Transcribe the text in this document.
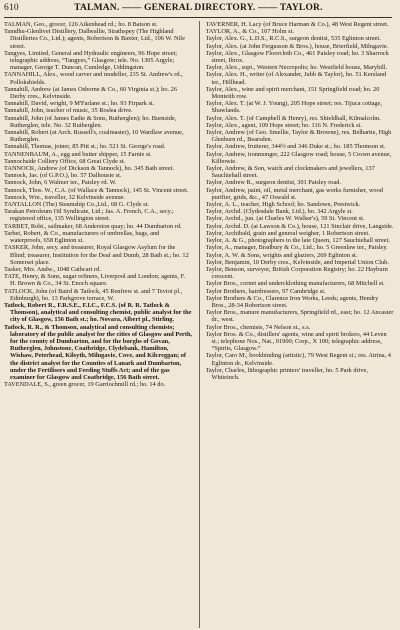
610	TALMAN. —— GENERAL DIRECTORY. —— TAYLOR.

TALMAN, Geo., grocer, 126 Aikenhead rd.; ho. 8 Batson st.

Tamdhu-Glenlivet Distillery, Dalbeallie, Strathspey (The Highland Distilleries Co., Ltd.); agents, Robertson & Baxter, Ltd., 106 W. Nile street.

Tangyes, Limited, General and Hydraulic engineers, 96 Hope street; telegraphic address, “Tangyes,” Glasgow; tele. No. 1305 Argyle; manager, George T. Duncan, Cumledge, Uddingston.

TANNAHILL, Alex., wood carver and modeller, 235 St. Andrew's rd., Pollokshields.

Tannahill, Andrew (at James Osborne & Co., 60 Virginia st.); ho. 26 Derby cres., Kelvinside.

Tannahill, David, wright, 9 M'Farlane st.; ho. 93 Firpark st.

Tannahill, John, teacher of music, 35 Roslea drive.

Tannahill, John (of James Eadie & Sons, Rutherglen); ho. Burnside, Rutherglen, tele. No. 32 Rutherglen.

Tannahill, Robert (at Arch. Russell's, coalmaster), 10 Wardlaw avenue, Rutherglen.

Tannahill, Thomas, joiner, 85 Pitt st.; ho. 521 St. George's road.

TANNENBAUM, A., egg and butter shipper, 15 Farnie st.

Tannochside Colliery Office, 68 Great Clyde st.

TANNOCK, Andrew (of Dickson & Tannock), ho. 345 Bath street.

Tannock, Jas. (of G.P.O.), ho. 57 Dalhousie st.

Tannock, John, 6 Walmer ter., Paisley rd. W.

Tannock, Thos. W., C.A. (of Wallace & Tannock), 145 St. Vincent street.

Tannock, Wm., traveller, 32 Kelvinside avenue.

TANTALLON (The) Steamship Co.,Ltd., 68 G. Clyde st.

Tarakan Petroleum Oil Syndicate, Ltd.; Jas. A. French, C.A., secy.; registered office, 135 Wellington street.

TARBET, Robt., sailmaker, 68 Anderston quay; ho. 44 Dumbarton rd.

Tarbet, Robert, & Co., manufacturers of umbrellas, bags, and waterproofs, 658 Eglinton st.

TASKER, John, secy. and treasurer, Royal Glasgow Asylum for the Blind; treasurer, Institution for the Deaf and Dumb, 28 Bath st.; ho. 12 Somerset place.

Tasker, Mrs. Andw., 1048 Cathcart rd.

TATE, Henry, & Sons, sugar refiners, Liverpool and London; agents, F. H. Brown & Co., 34 St. Enoch square.

TATLOCK, John (of Baird & Tatlock, 45 Renfrew st. and 7 Teviot pl., Edinburgh), ho. 13 Parkgrove terrace, W.

Tatlock, Robert R., F.R.S.E., F.I.C., F.C.S. (of R. R. Tatlock & Thomson), analytical and consulting chemist, public analyst for the city of Glasgow, 156 Bath st.; ho. Novara, Albert pl., Stirling.

Tatlock, R. R., & Thomson, analytical and consulting chemists; laboratory of the public analyst for the cities of Glasgow and Perth, for the county of Dumbarton, and for the burghs of Govan, Rutherglen, Johnstone, Coatbridge, Clydebank, Hamilton, Wishaw, Peterhead, Kilsyth, Milngavie, Cove, and Kilcreggan; of the district analyst for the Counties of Lanark and Dumbarton, under the Fertilisers and Feeding Stuffs Act; and of the gas examiner for Glasgow and Coatbridge, 156 Bath street.

TAVENDALE, S., green grocer, 19 Garriochmill rd.; ho. 14 do.

TAVERNER, H. Lacy (of Bruce Harman & Co.), 48 West Regent street.

TAYLOR, A., & Co., 107 Holm st.

Taylor, Alex. G., L.D.S., R.C.S., surgeon dentist, 535 Eglinton street.

Taylor, Alex. (at John Fergusson & Bros.), house, Brierfield, Milngavie.

Taylor, Alex., Glasgow Floorcloth Co., 461 Paisley road; ho. 3 Sharrock street, Ibrox.

Taylor, Alex., supt., Western Necropolis; ho. Westfield house, Maryhill.

Taylor, Alex. H., writer (of Alexander, Jubb & Taylor), ho. 51 Kersland ter., Hillhead.

Taylor, Alex., wine and spirit merchant, 151 Springfield road; ho. 20 Monteith row.

Taylor, Alex. T. (at W. J. Young), 205 Hope street; res. Tijuca cottage, Shawlands.

Taylor, Alex. T. (of Campbell & Henry), res. Shieldhall, Kilmalcolm.

Taylor, Alex., agent, 109 Hope street; ho. 116 N. Frederick st.

Taylor, Andrew (of Geo. Smellie, Taylor & Browne), res. Belhartie, High Glenburn rd., Bearsden.

Taylor, Andrew, fruiterer, 344½ and 346 Duke st.; ho. 185 Thomson st.

Taylor, Andrew, ironmonger, 222 Glasgow road; house, 5 Crown avenue, Kilbowie.

Taylor, Andrew, & Son, watch and clockmakers and jewellers, 137 Sauchiehall street.

Taylor, Andrew R., surgeon dentist, 301 Paisley road.

Taylor, Andrew, paint, oil, metal merchant, gas works furnisher, wood purifier, grids, &c., 47 Oswald st.

Taylor, A. L., teacher, High School; ho. Sandown, Prestwick.

Taylor, Archd. (Clydesdale Bank, Ltd.), ho. 342 Argyle st.

Taylor, Archd., jun. (at Charles W. Walker's), 59 St. Vincent st.

Taylor, Archd. D. (at Lawson & Co.), house, 121 Sinclair drive, Langside.

Taylor, Archibald, grain and general weigher, 1 Robertson street.

Taylor, A. & G., photographers to the late Queen, 127 Sauchiehall street.

Taylor, A., manager, Bradbury & Co., Ltd.; ho. 5 Greenlaw ter., Paisley.

Taylor, A. W. & Sons, wrights and glaziers, 269 Eglinton st.

Taylor, Benjamin, 10 Derby cres., Kelvinside, and Imperial Union Club.

Taylor, Benson, surveyor, British Corporation Registry; ho. 22 Hayburn crescent.

Taylor Bros., cornet and undercklothing manufacturers, 68 Mitchell st.

Taylor Brothers, hairdressers, 97 Cambridge st.

Taylor Brothers & Co., Clarence Iron Works, Leeds; agents, Hendry Bros., 28-34 Robertson street.

Taylor Bros., manure manufacturers, Springfield rd., east; ho. 12 Ancaster dr., west.

Taylor Bros., chemists, 74 Nelson st., s.s.

Taylor Bros. & Co., distillers' agents, wine and spirit brokers, 44 Leven st.; telephone Nos., Nat., 01900; Corp., X 100; telegraphic address, “Spirits, Glasgow.”

Taylor, Caro M., bookbinding (artistic), 79 West Regent st.; res. Atrina, 4 Eglinton dr., Kelvinside.

Taylor, Charles, lithographic printers' traveller, ho. 5 Park drive, Whiteinch.
